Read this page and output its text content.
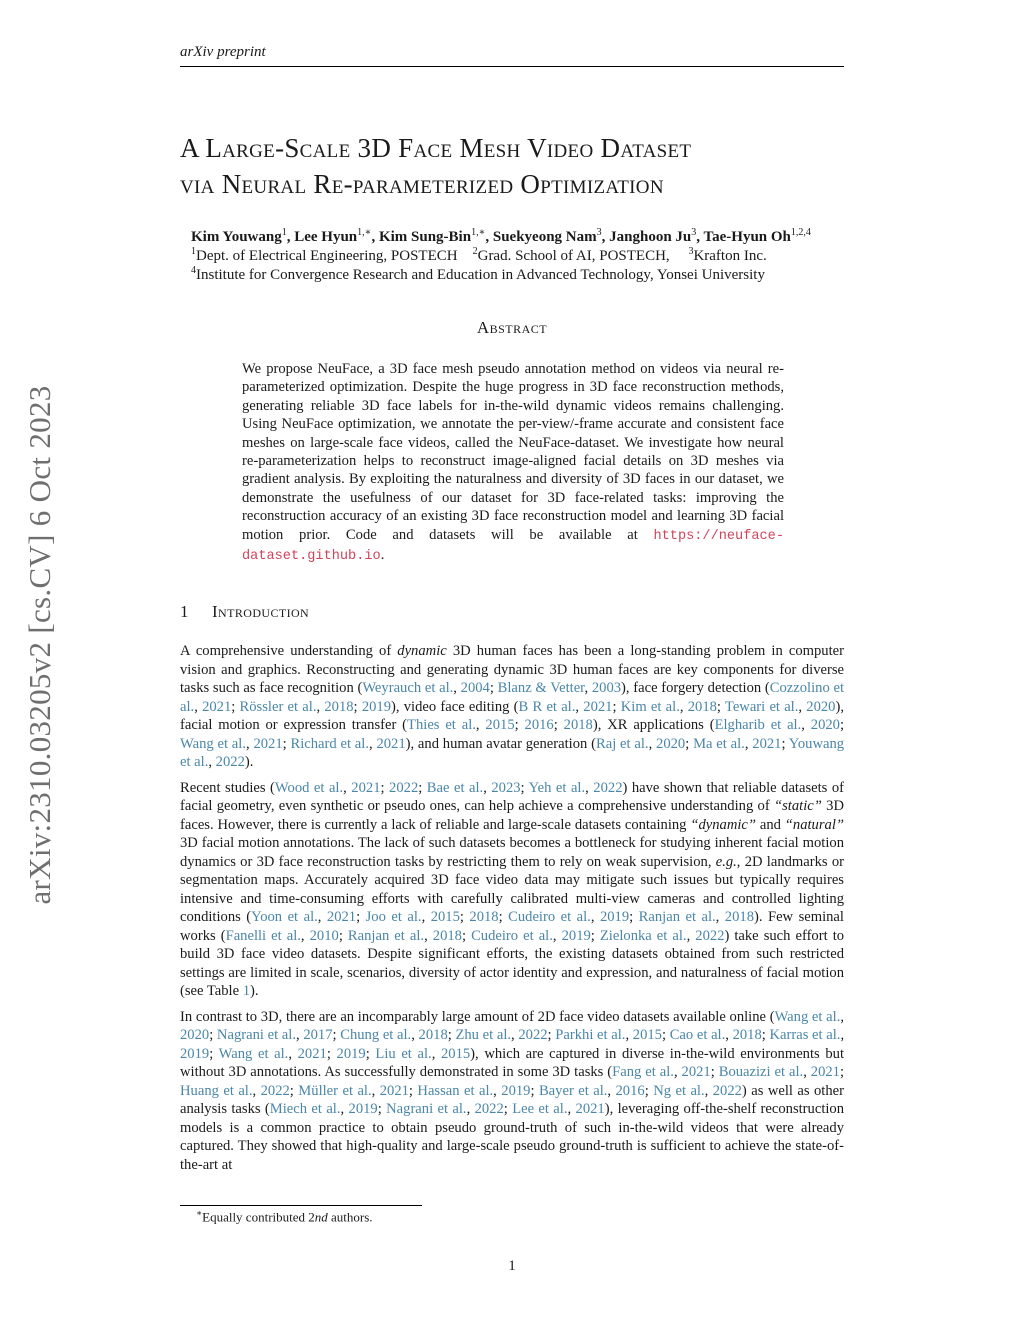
arXiv preprint
arXiv:2310.03205v2 [cs.CV] 6 Oct 2023
A Large-Scale 3D Face Mesh Video Dataset
via Neural Re-parameterized Optimization
Kim Youwang$^1$, Lee Hyun$^{1,∗}$, Kim Sung-Bin$^{1,∗}$, Suekyeong Nam$^3$, Janghoon Ju$^3$, Tae-Hyun Oh$^{1,2,4}$
$^1$Dept. of Electrical Engineering, POSTECH $^2$Grad. School of AI, POSTECH, $^3$Krafton Inc.
$^4$Institute for Convergence Research and Education in Advanced Technology, Yonsei University
Abstract
We propose NeuFace, a 3D face mesh pseudo annotation method on videos via neural re-parameterized optimization. Despite the huge progress in 3D face reconstruction methods, generating reliable 3D face labels for in-the-wild dynamic videos remains challenging. Using NeuFace optimization, we annotate the per-view/-frame accurate and consistent face meshes on large-scale face videos, called the NeuFace-dataset. We investigate how neural re-parameterization helps to reconstruct image-aligned facial details on 3D meshes via gradient analysis. By exploiting the naturalness and diversity of 3D faces in our dataset, we demonstrate the usefulness of our dataset for 3D face-related tasks: improving the reconstruction accuracy of an existing 3D face reconstruction model and learning 3D facial motion prior. Code and datasets will be available at https://neuface-dataset.github.io.
1 Introduction

A comprehensive understanding of dynamic 3D human faces has been a long-standing problem in computer vision and graphics. Reconstructing and generating dynamic 3D human faces are key components for diverse tasks such as face recognition (Weyrauch et al., 2004; Blanz & Vetter, 2003), face forgery detection (Cozzolino et al., 2021; Rössler et al., 2018; 2019), video face editing (B R et al., 2021; Kim et al., 2018; Tewari et al., 2020), facial motion or expression transfer (Thies et al., 2015; 2016; 2018), XR applications (Elgharib et al., 2020; Wang et al., 2021; Richard et al., 2021), and human avatar generation (Raj et al., 2020; Ma et al., 2021; Youwang et al., 2022).

Recent studies (Wood et al., 2021; 2022; Bae et al., 2023; Yeh et al., 2022) have shown that reliable datasets of facial geometry, even synthetic or pseudo ones, can help achieve a comprehensive understanding of “static” 3D faces. However, there is currently a lack of reliable and large-scale datasets containing “dynamic” and “natural” 3D facial motion annotations. The lack of such datasets becomes a bottleneck for studying inherent facial motion dynamics or 3D face reconstruction tasks by restricting them to rely on weak supervision, e.g., 2D landmarks or segmentation maps. Accurately acquired 3D face video data may mitigate such issues but typically requires intensive and time-consuming efforts with carefully calibrated multi-view cameras and controlled lighting conditions (Yoon et al., 2021; Joo et al., 2015; 2018; Cudeiro et al., 2019; Ranjan et al., 2018). Few seminal works (Fanelli et al., 2010; Ranjan et al., 2018; Cudeiro et al., 2019; Zielonka et al., 2022) take such effort to build 3D face video datasets. Despite significant efforts, the existing datasets obtained from such restricted settings are limited in scale, scenarios, diversity of actor identity and expression, and naturalness of facial motion (see Table 1).

In contrast to 3D, there are an incomparably large amount of 2D face video datasets available online (Wang et al., 2020; Nagrani et al., 2017; Chung et al., 2018; Zhu et al., 2022; Parkhi et al., 2015; Cao et al., 2018; Karras et al., 2019; Wang et al., 2021; 2019; Liu et al., 2015), which are captured in diverse in-the-wild environments but without 3D annotations. As successfully demonstrated in some 3D tasks (Fang et al., 2021; Bouazizi et al., 2021; Huang et al., 2022; Müller et al., 2021; Hassan et al., 2019; Bayer et al., 2016; Ng et al., 2022) as well as other analysis tasks (Miech et al., 2019; Nagrani et al., 2022; Lee et al., 2021), leveraging off-the-shelf reconstruction models is a common practice to obtain pseudo ground-truth of such in-the-wild videos that were already captured. They showed that high-quality and large-scale pseudo ground-truth is sufficient to achieve the state-of-the-art at

∗Equally contributed 2nd authors.
1
